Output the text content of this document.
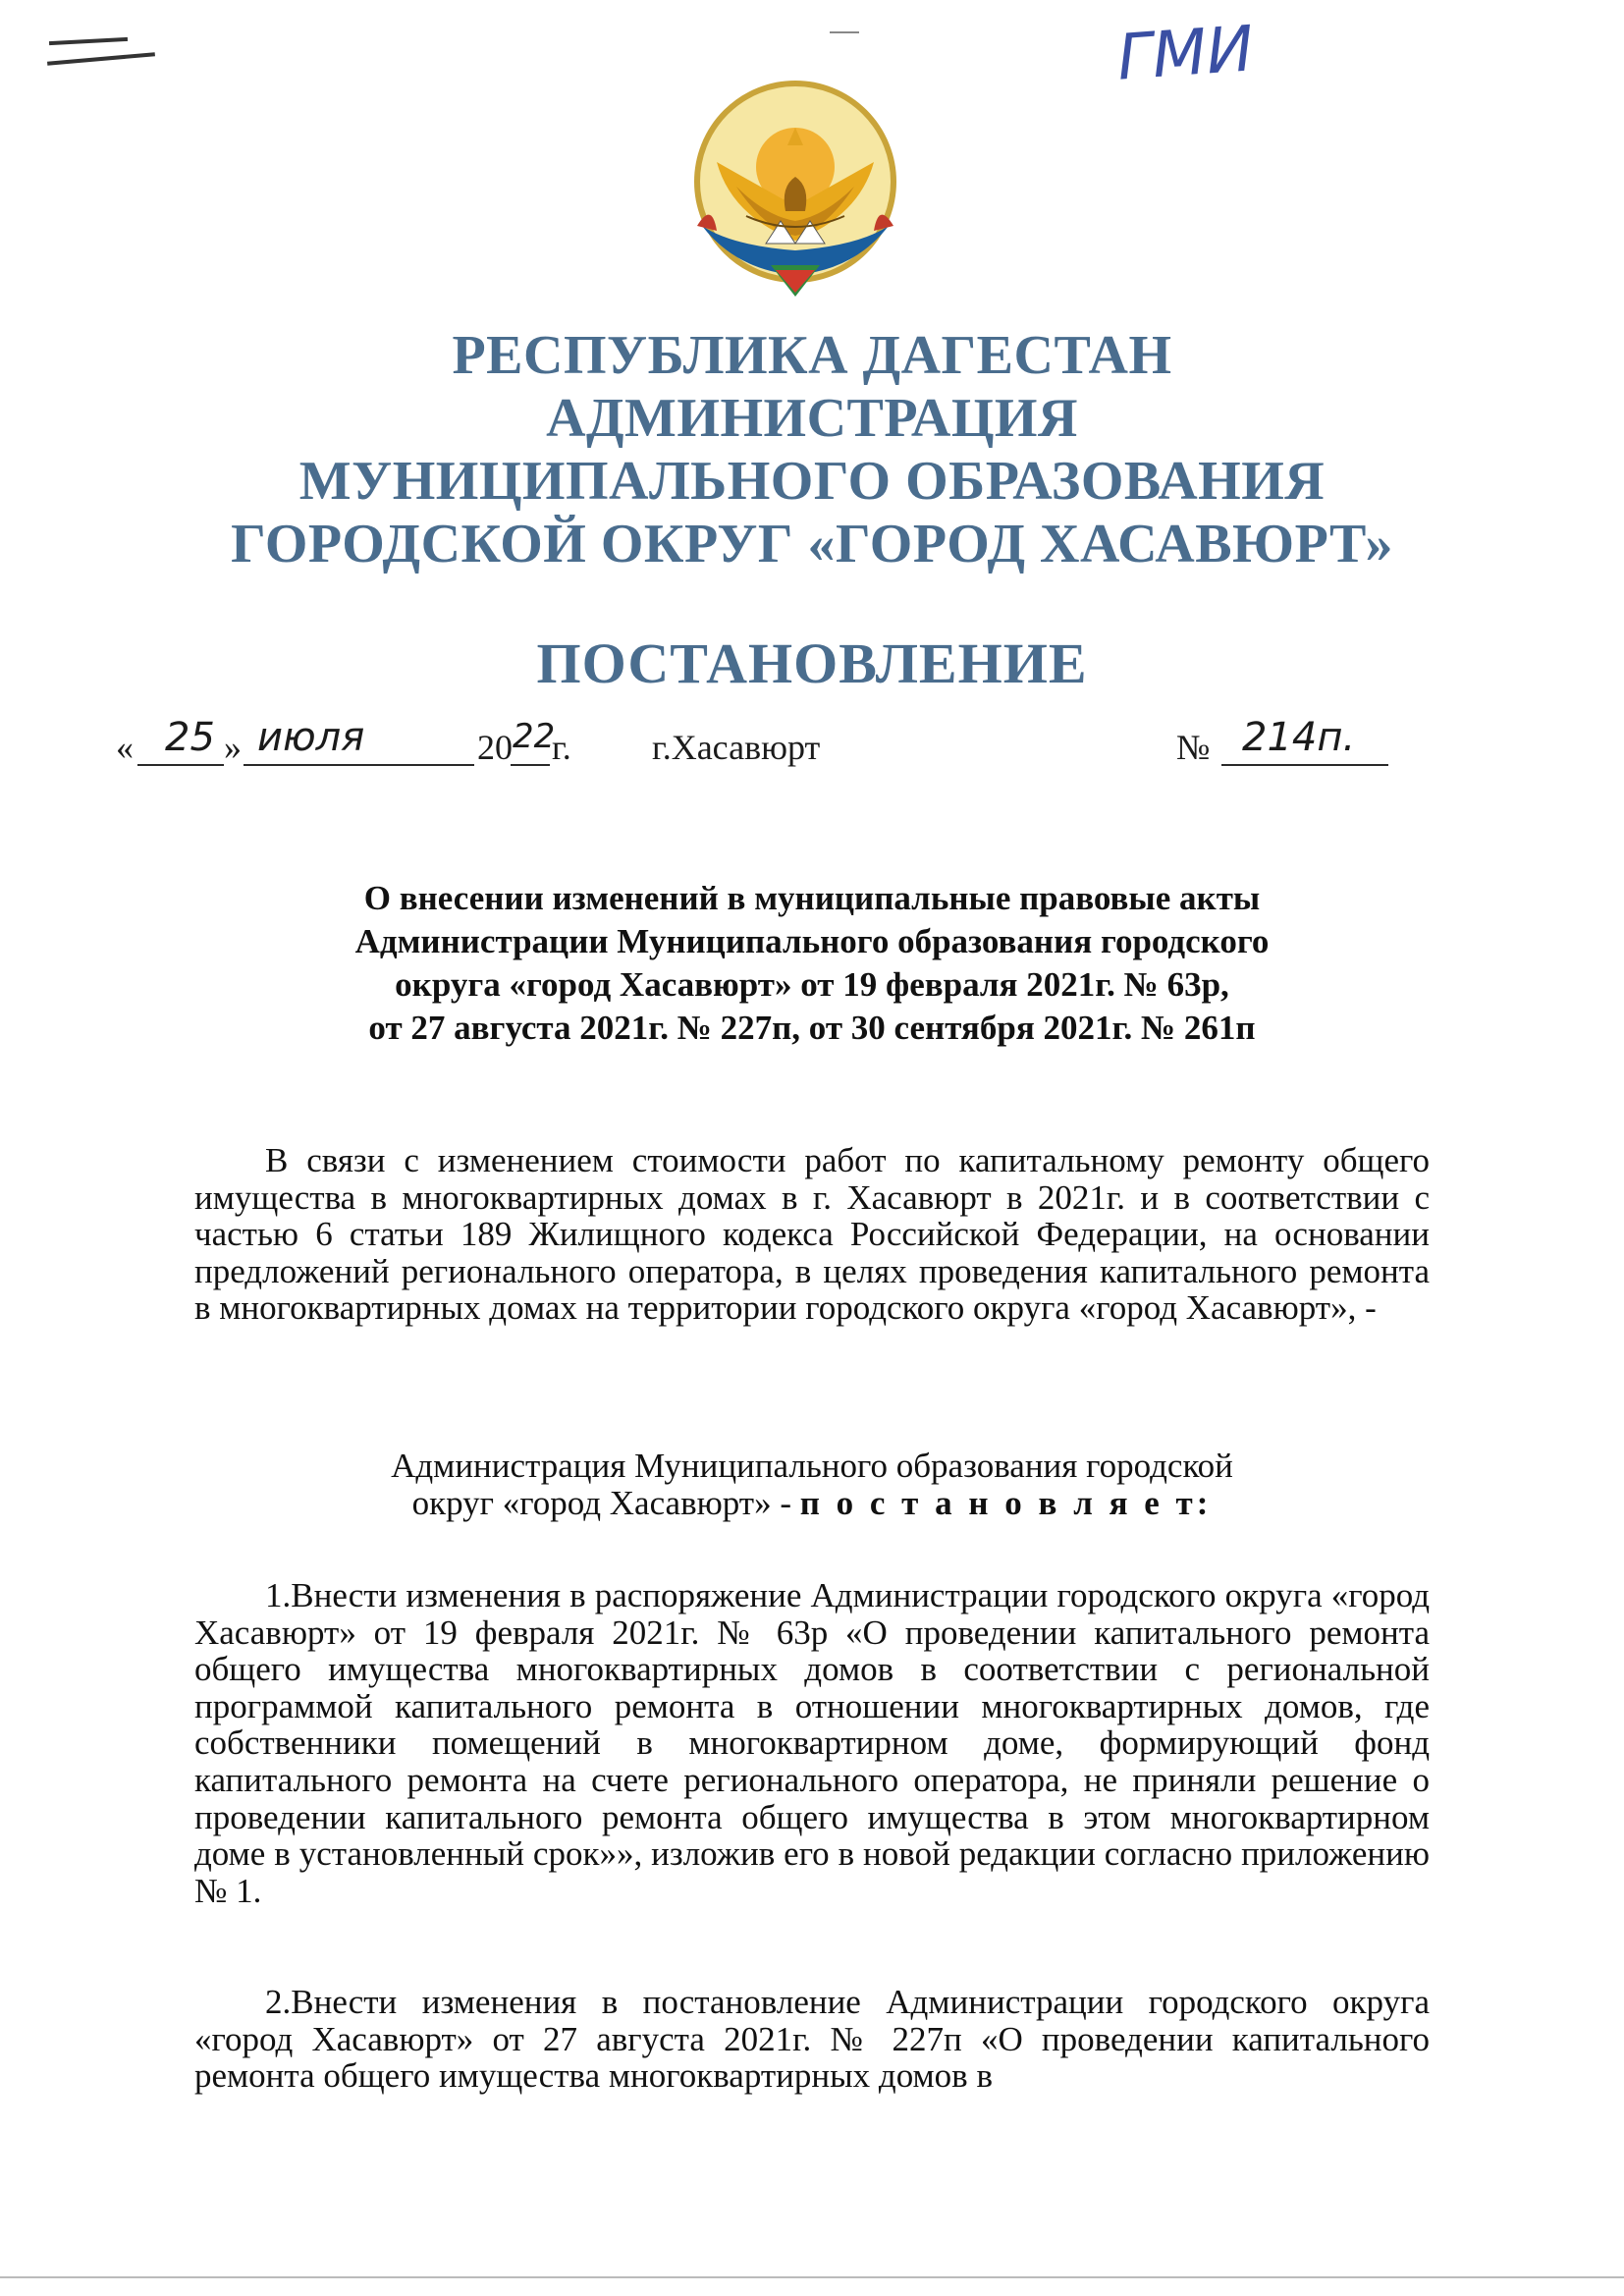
ГМИ
РЕСПУБЛИКА ДАГЕСТАН
АДМИНИСТРАЦИЯ
МУНИЦИПАЛЬНОГО ОБРАЗОВАНИЯ
ГОРОДСКОЙ ОКРУГ «ГОРОД ХАСАВЮРТ»
ПОСТАНОВЛЕНИЕ
« 25 » июля	20 22
г. г.Хасавюрт	№ 214п.
О внесении изменений в муниципальные правовые акты
Администрации Муниципального образования городского
округа «город Хасавюрт» от 19 февраля 2021г. № 63р,
от 27 августа 2021г. № 227п, от 30 сентября 2021г. № 261п
В связи с изменением стоимости работ по капитальному ремонту общего имущества в многоквартирных домах в г. Хасавюрт в 2021г. и в соответствии с частью 6 статьи 189 Жилищного кодекса Российской Федерации, на основании предложений регионального оператора, в целях проведения капитального ремонта в многоквартирных домах на территории городского округа «город Хасавюрт», -
Администрация Муниципального образования городской
округ «город Хасавюрт» - п о с т а н о в л я е т:
1.Внести изменения в распоряжение Администрации городского округа «город Хасавюрт» от 19 февраля 2021г. № 63р «О проведении капитального ремонта общего имущества многоквартирных домов в соответствии с региональной программой капитального ремонта в отношении многоквартирных домов, где собственники помещений в многоквартирном доме, формирующий фонд капитального ремонта на счете регионального оператора, не приняли решение о проведении капитального ремонта общего имущества в этом многоквартирном доме в установленный срок»», изложив его в новой редакции согласно приложению № 1.
2.Внести изменения в постановление Администрации городского округа «город Хасавюрт» от 27 августа 2021г. № 227п «О проведении капитального ремонта общего имущества многоквартирных домов в
